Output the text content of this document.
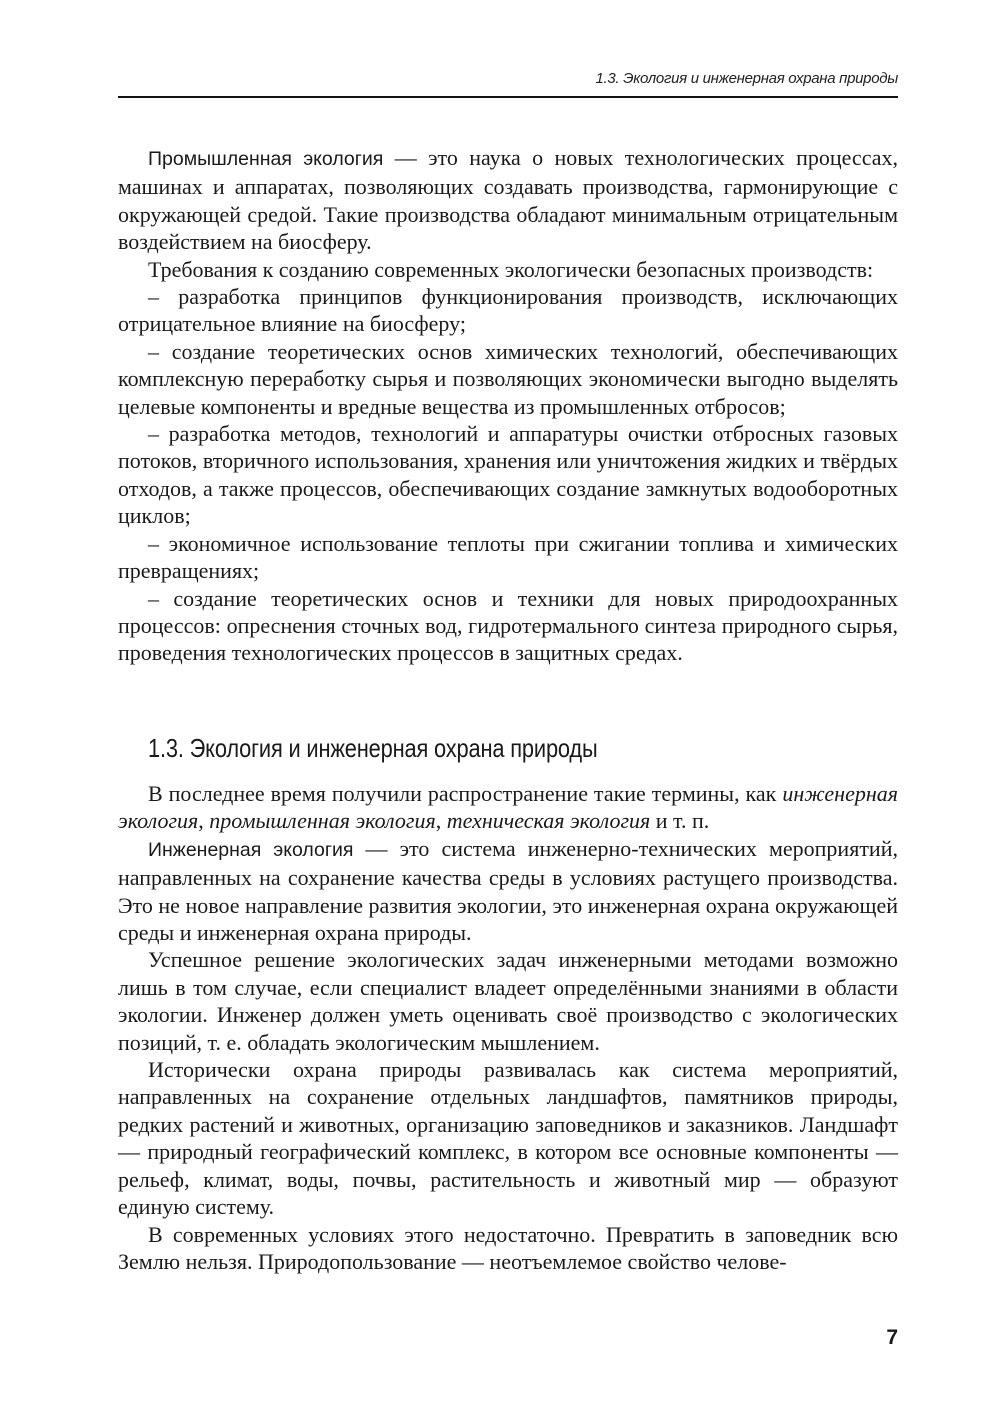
1.3. Экология и инженерная охрана природы

Промышленная экология — это наука о новых технологических процессах, машинах и аппаратах, позволяющих создавать производства, гармонирующие с окружающей средой. Такие производства обладают минимальным отрицательным воздействием на биосферу.

Требования к созданию современных экологически безопасных производств:

– разработка принципов функционирования производств, исключающих отрицательное влияние на биосферу;

– создание теоретических основ химических технологий, обеспечивающих комплексную переработку сырья и позволяющих экономически выгодно выделять целевые компоненты и вредные вещества из промышленных отбросов;

– разработка методов, технологий и аппаратуры очистки отбросных газовых потоков, вторичного использования, хранения или уничтожения жидких и твёрдых отходов, а также процессов, обеспечивающих создание замкнутых водооборотных циклов;

– экономичное использование теплоты при сжигании топлива и химических превращениях;

– создание теоретических основ и техники для новых природоохранных процессов: опреснения сточных вод, гидротермального синтеза природного сырья, проведения технологических процессов в защитных средах.

1.3. Экология и инженерная охрана природы

В последнее время получили распространение такие термины, как инженерная экология, промышленная экология, техническая экология и т. п.

Инженерная экология — это система инженерно-технических мероприятий, направленных на сохранение качества среды в условиях растущего производства. Это не новое направление развития экологии, это инженерная охрана окружающей среды и инженерная охрана природы.

Успешное решение экологических задач инженерными методами возможно лишь в том случае, если специалист владеет определёнными знаниями в области экологии. Инженер должен уметь оценивать своё производство с экологических позиций, т. е. обладать экологическим мышлением.

Исторически охрана природы развивалась как система мероприятий, направленных на сохранение отдельных ландшафтов, памятников природы, редких растений и животных, организацию заповедников и заказников. Ландшафт — природный географический комплекс, в котором все основные компоненты — рельеф, климат, воды, почвы, растительность и животный мир — образуют единую систему.

В современных условиях этого недостаточно. Превратить в заповедник всю Землю нельзя. Природопользование — неотъемлемое свойство челове-

7
